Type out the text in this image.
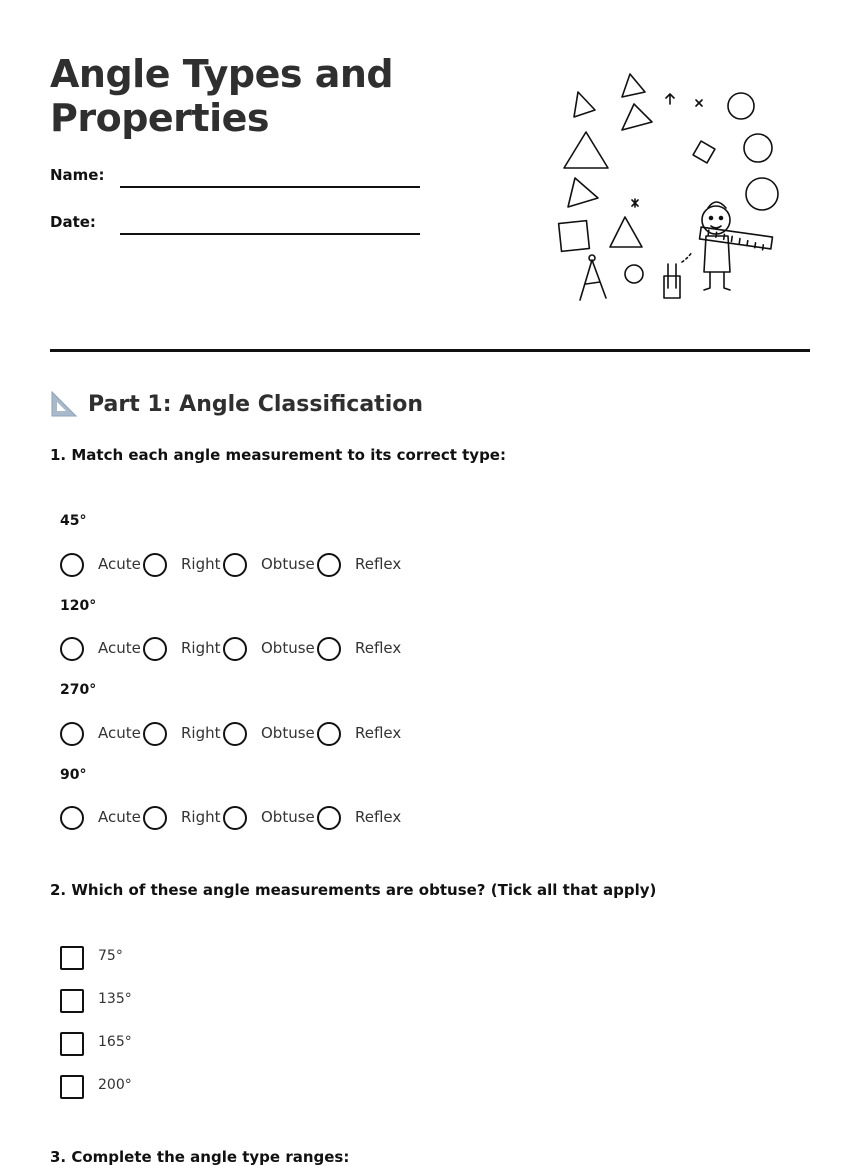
Angle Types and
Properties
Name:
Date:
Part 1: Angle Classification
1. Match each angle measurement to its correct type:
45°
Acute	Right	Obtuse	Reflex
120°
Acute	Right	Obtuse	Reflex
270°
Acute	Right	Obtuse	Reflex
90°
Acute	Right	Obtuse	Reflex
2. Which of these angle measurements are obtuse? (Tick all that apply)
75°
135°
165°
200°
3. Complete the angle type ranges:
